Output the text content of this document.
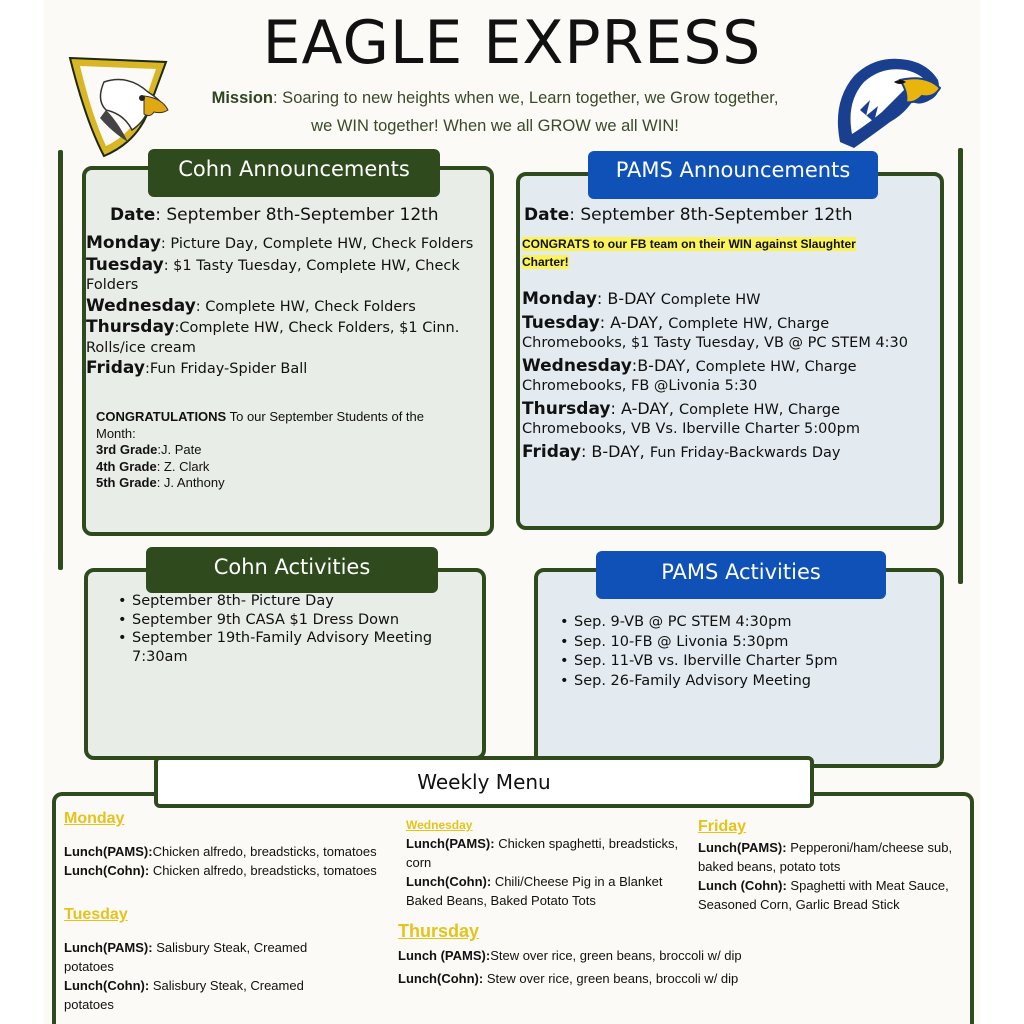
EAGLE EXPRESS
Mission: Soaring to new heights when we, Learn together, we Grow together, we WIN together! When we all GROW we all WIN!
Cohn Announcements
Date: September 8th-September 12th
Monday: Picture Day, Complete HW, Check Folders
Tuesday: $1 Tasty Tuesday, Complete HW, Check Folders
Wednesday: Complete HW, Check Folders
Thursday:Complete HW, Check Folders, $1 Cinn. Rolls/ice cream
Friday:Fun Friday-Spider Ball
CONGRATULATIONS To our September Students of the Month:
3rd Grade:J. Pate
4th Grade: Z. Clark
5th Grade: J. Anthony
PAMS Announcements
Date: September 8th-September 12th
CONGRATS to our FB team on their WIN against Slaughter Charter!
Monday: B-DAY Complete HW
Tuesday: A-DAY, Complete HW, Charge Chromebooks, $1 Tasty Tuesday, VB @ PC STEM 4:30
Wednesday:B-DAY, Complete HW, Charge Chromebooks, FB @Livonia 5:30
Thursday: A-DAY, Complete HW, Charge Chromebooks, VB Vs. Iberville Charter 5:00pm
Friday: B-DAY, Fun Friday-Backwards Day
Cohn Activities
• September 8th- Picture Day
• September 9th CASA $1 Dress Down
• September 19th-Family Advisory Meeting 7:30am
PAMS Activities
• Sep. 9-VB @ PC STEM 4:30pm
• Sep. 10-FB @ Livonia 5:30pm
• Sep. 11-VB vs. Iberville Charter 5pm
• Sep. 26-Family Advisory Meeting
Weekly Menu
Monday
Lunch(PAMS):Chicken alfredo, breadsticks, tomatoes
Lunch(Cohn): Chicken alfredo, breadsticks, tomatoes
Tuesday
Lunch(PAMS): Salisbury Steak, Creamed potatoes
Lunch(Cohn): Salisbury Steak, Creamed potatoes
Wednesday
Lunch(PAMS): Chicken spaghetti, breadsticks, corn
Lunch(Cohn): Chili/Cheese Pig in a Blanket Baked Beans, Baked Potato Tots
Thursday
Lunch (PAMS):Stew over rice, green beans, broccoli w/ dip
Lunch(Cohn): Stew over rice, green beans, broccoli w/ dip
Friday
Lunch(PAMS): Pepperoni/ham/cheese sub, baked beans, potato tots
Lunch (Cohn): Spaghetti with Meat Sauce, Seasoned Corn, Garlic Bread Stick
